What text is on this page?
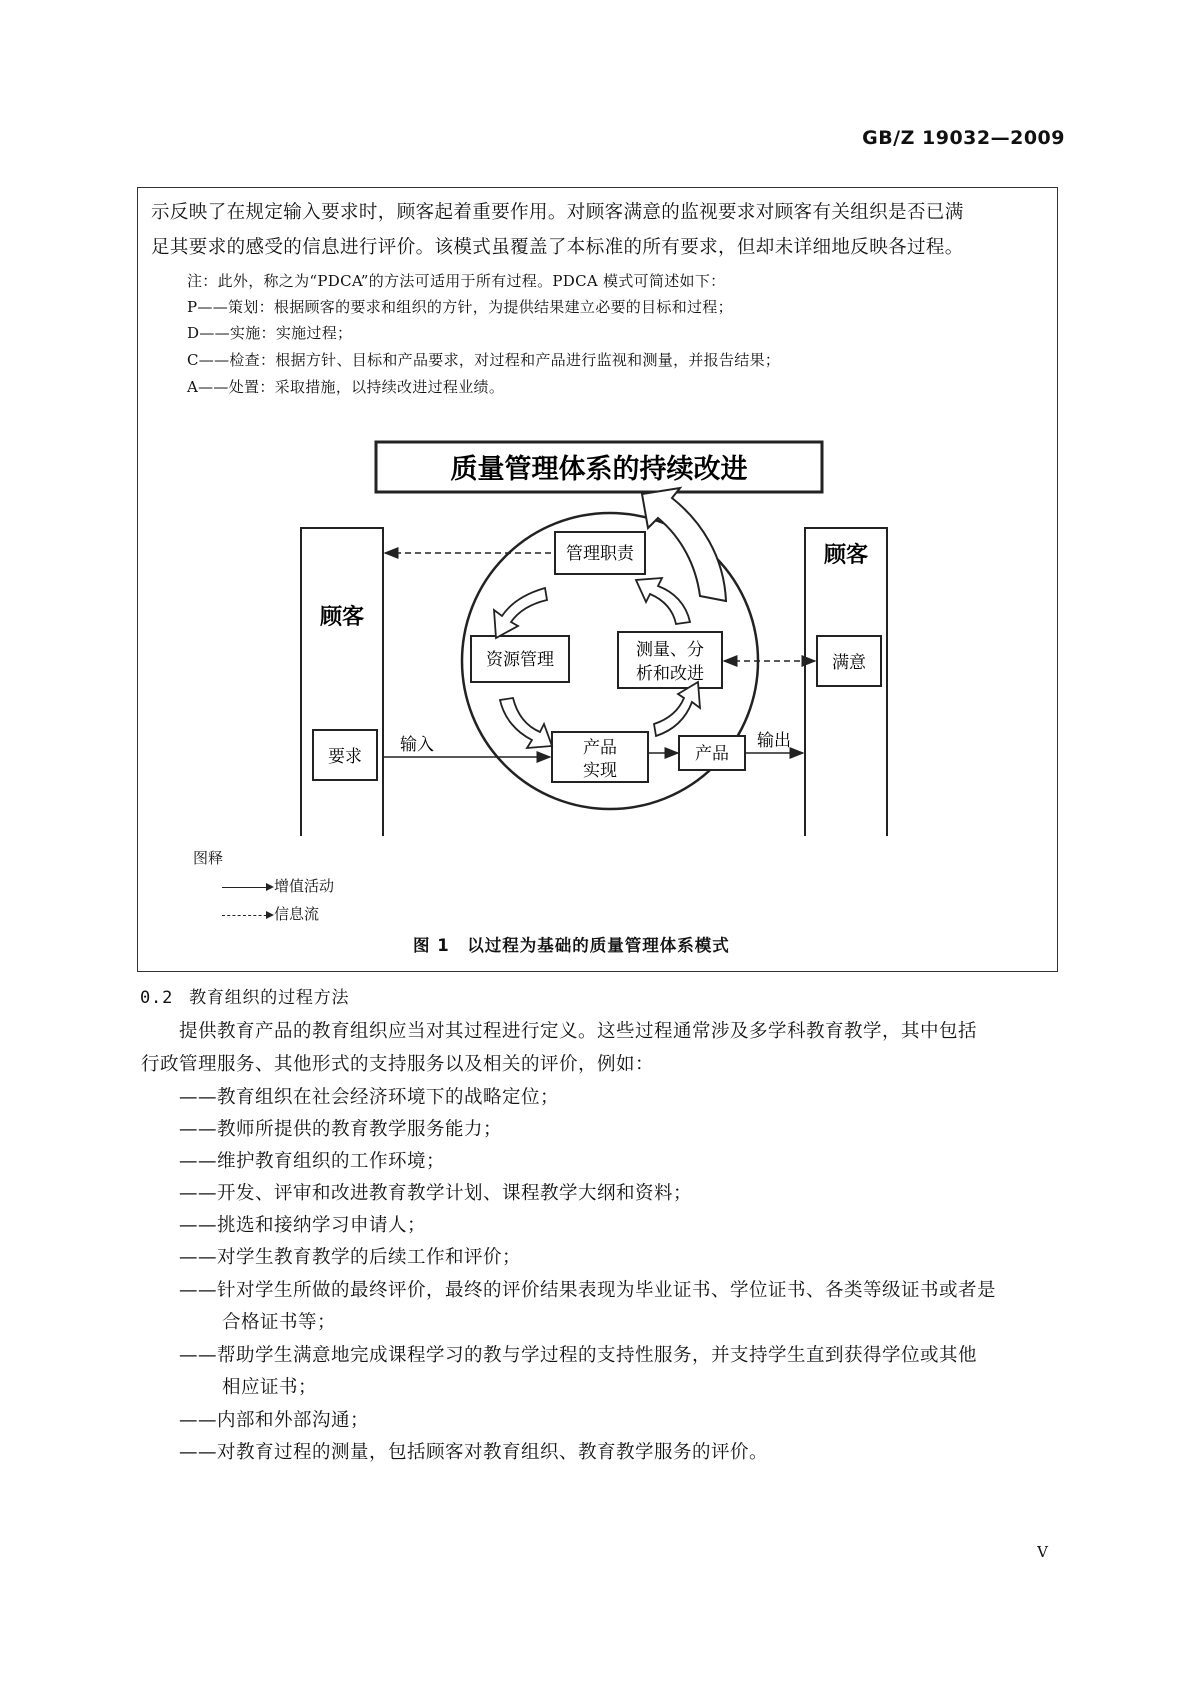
GB/Z 19032—2009
示反映了在规定输入要求时，顾客起着重要作用。对顾客满意的监视要求对顾客有关组织是否已满
足其要求的感受的信息进行评价。该模式虽覆盖了本标准的所有要求，但却未详细地反映各过程。
注：此外，称之为“PDCA”的方法可适用于所有过程。PDCA 模式可简述如下：
P——策划：根据顾客的要求和组织的方针，为提供结果建立必要的目标和过程；
D——实施：实施过程；
C——检查：根据方针、目标和产品要求，对过程和产品进行监视和测量，并报告结果；
A——处置：采取措施，以持续改进过程业绩。
质量管理体系的持续改进
顾客
要求
顾客
满意
管理职责
资源管理	测量、分
析和改进
产品
实现
产品
输入	输出
图释
增值活动
信息流
图 1　以过程为基础的质量管理体系模式
0.2 教育组织的过程方法
提供教育产品的教育组织应当对其过程进行定义。这些过程通常涉及多学科教育教学，其中包括
行政管理服务、其他形式的支持服务以及相关的评价，例如：
——教育组织在社会经济环境下的战略定位；
——教师所提供的教育教学服务能力；
——维护教育组织的工作环境；
——开发、评审和改进教育教学计划、课程教学大纲和资料；
——挑选和接纳学习申请人；
——对学生教育教学的后续工作和评价；
——针对学生所做的最终评价，最终的评价结果表现为毕业证书、学位证书、各类等级证书或者是
合格证书等；
——帮助学生满意地完成课程学习的教与学过程的支持性服务，并支持学生直到获得学位或其他
相应证书；
——内部和外部沟通；
——对教育过程的测量，包括顾客对教育组织、教育教学服务的评价。
V
